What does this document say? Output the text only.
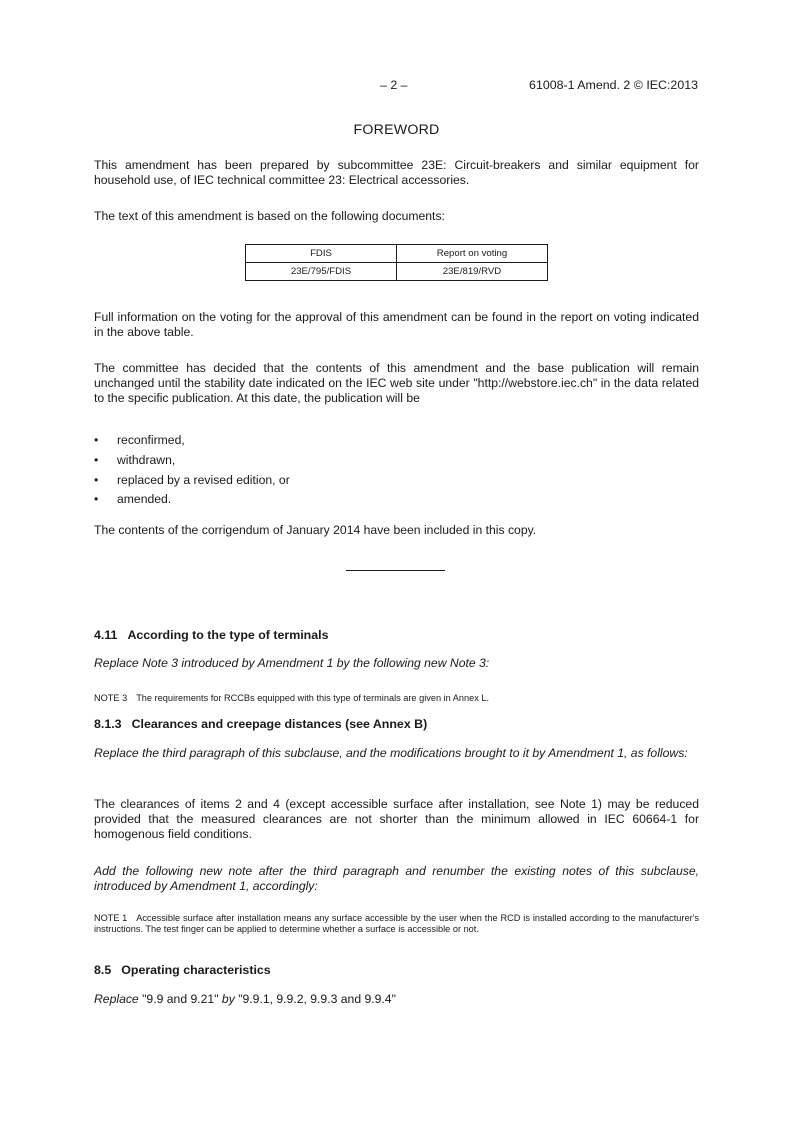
– 2 –	61008-1 Amend. 2 © IEC:2013
FOREWORD
This amendment has been prepared by subcommittee 23E: Circuit-breakers and similar equipment for household use, of IEC technical committee 23: Electrical accessories.
The text of this amendment is based on the following documents:
FDIS	Report on voting
23E/795/FDIS	23E/819/RVD
Full information on the voting for the approval of this amendment can be found in the report on voting indicated in the above table.
The committee has decided that the contents of this amendment and the base publication will remain unchanged until the stability date indicated on the IEC web site under "http://webstore.iec.ch" in the data related to the specific publication. At this date, the publication will be
• reconfirmed,
• withdrawn,
• replaced by a revised edition, or
• amended.
The contents of the corrigendum of January 2014 have been included in this copy.
4.11 According to the type of terminals
Replace Note 3 introduced by Amendment 1 by the following new Note 3:
NOTE 3 The requirements for RCCBs equipped with this type of terminals are given in Annex L.
8.1.3 Clearances and creepage distances (see Annex B)
Replace the third paragraph of this subclause, and the modifications brought to it by Amendment 1, as follows:
The clearances of items 2 and 4 (except accessible surface after installation, see Note 1) may be reduced provided that the measured clearances are not shorter than the minimum allowed in IEC 60664-1 for homogenous field conditions.
Add the following new note after the third paragraph and renumber the existing notes of this subclause, introduced by Amendment 1, accordingly:
NOTE 1 Accessible surface after installation means any surface accessible by the user when the RCD is installed according to the manufacturer's instructions. The test finger can be applied to determine whether a surface is accessible or not.
8.5 Operating characteristics
Replace "9.9 and 9.21" by "9.9.1, 9.9.2, 9.9.3 and 9.9.4"
